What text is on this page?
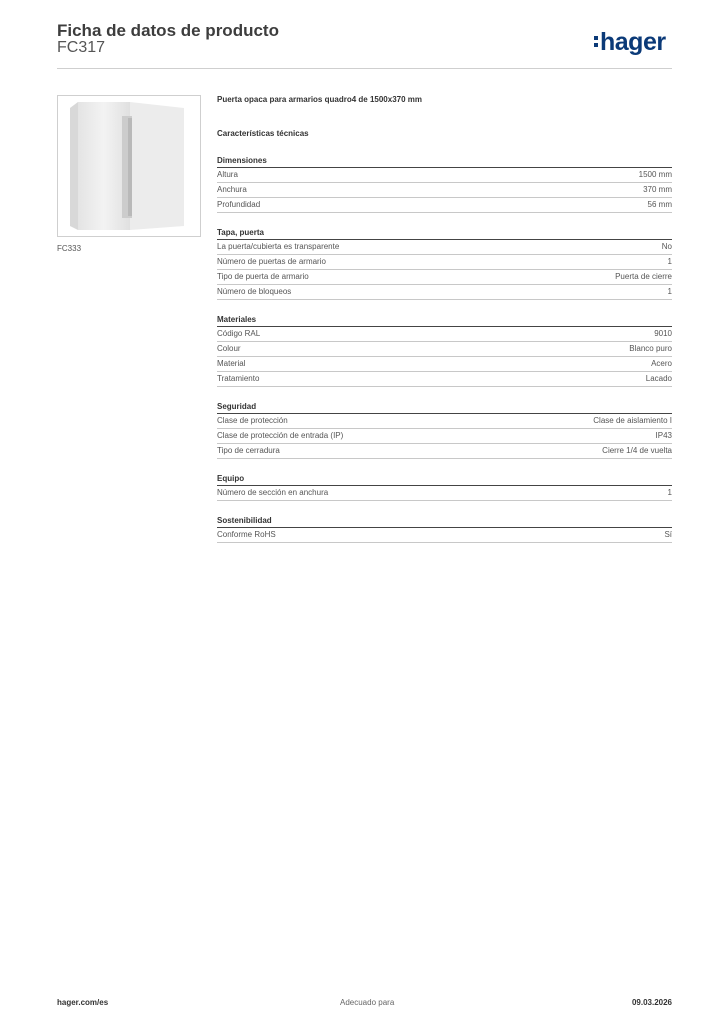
Ficha de datos de producto
FC317	hager
FC333
Puerta opaca para armarios quadro4 de 1500x370 mm
Características técnicas
Dimensiones
Altura	1500 mm
Anchura	370 mm
Profundidad	56 mm
Tapa, puerta
La puerta/cubierta es transparente	No
Número de puertas de armario	1
Tipo de puerta de armario	Puerta de cierre
Número de bloqueos	1
Materiales
Código RAL	9010
Colour	Blanco puro
Material	Acero
Tratamiento	Lacado
Seguridad
Clase de protección	Clase de aislamiento I
Clase de protección de entrada (IP)	IP43
Tipo de cerradura	Cierre 1/4 de vuelta
Equipo
Número de sección en anchura	1
Sostenibilidad
Conforme RoHS	Sí
hager.com/es	Adecuado para	09.03.2026
